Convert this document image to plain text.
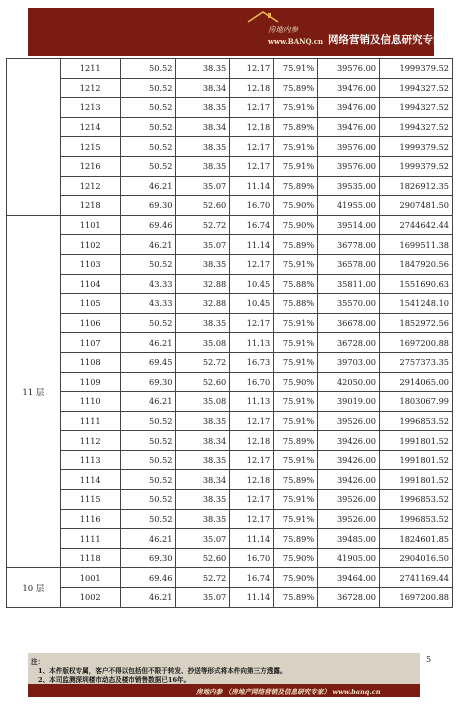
房地内参
www.BANQ.cn 网络营销及信息研究专家
	1211	50.52	38.35	12.17	75.91%	39576.00	1999379.52
	1212	50.52	38.34	12.18	75.89%	39476.00	1994327.52
	1213	50.52	38.35	12.17	75.91%	39476.00	1994327.52
	1214	50.52	38.34	12.18	75.89%	39476.00	1994327.52
	1215	50.52	38.35	12.17	75.91%	39576.00	1999379.52
	1216	50.52	38.35	12.17	75.91%	39576.00	1999379.52
	1212	46.21	35.07	11.14	75.89%	39535.00	1826912.35
	1218	69.30	52.60	16.70	75.90%	41955.00	2907481.50
11 层	1101	69.46	52.72	16.74	75.90%	39514.00	2744642.44
	1102	46.21	35.07	11.14	75.89%	36778.00	1699511.38
	1103	50.52	38.35	12.17	75.91%	36578.00	1847920.56
	1104	43.33	32.88	10.45	75.88%	35811.00	1551690.63
	1105	43.33	32.88	10.45	75.88%	35570.00	1541248.10
	1106	50.52	38.35	12.17	75.91%	36678.00	1852972.56
	1107	46.21	35.08	11.13	75.91%	36728.00	1697200.88
	1108	69.45	52.72	16.73	75.91%	39703.00	2757373.35
	1109	69.30	52.60	16.70	75.90%	42050.00	2914065.00
	1110	46.21	35.08	11.13	75.91%	39019.00	1803067.99
	1111	50.52	38.35	12.17	75.91%	39526.00	1996853.52
	1112	50.52	38.34	12.18	75.89%	39426.00	1991801.52
	1113	50.52	38.35	12.17	75.91%	39426.00	1991801.52
	1114	50.52	38.34	12.18	75.89%	39426.00	1991801.52
	1115	50.52	38.35	12.17	75.91%	39526.00	1996853.52
	1116	50.52	38.35	12.17	75.91%	39526.00	1996853.52
	1111	46.21	35.07	11.14	75.89%	39485.00	1824601.85
	1118	69.30	52.60	16.70	75.90%	41905.00	2904016.50
10 层	1001	69.46	52.72	16.74	75.90%	39464.00	2741169.44
	1002	46.21	35.07	11.14	75.89%	36728.00	1697200.88
注：
1、本件版权专属，客户不得以包括但不限于转发、抄送等形式将本件向第三方透露。
2、本司监测深圳楼市动态及楼市销售数据已16年。
房地内参 （房地产网络营销及信息研究专家） www.banq.cn
5
